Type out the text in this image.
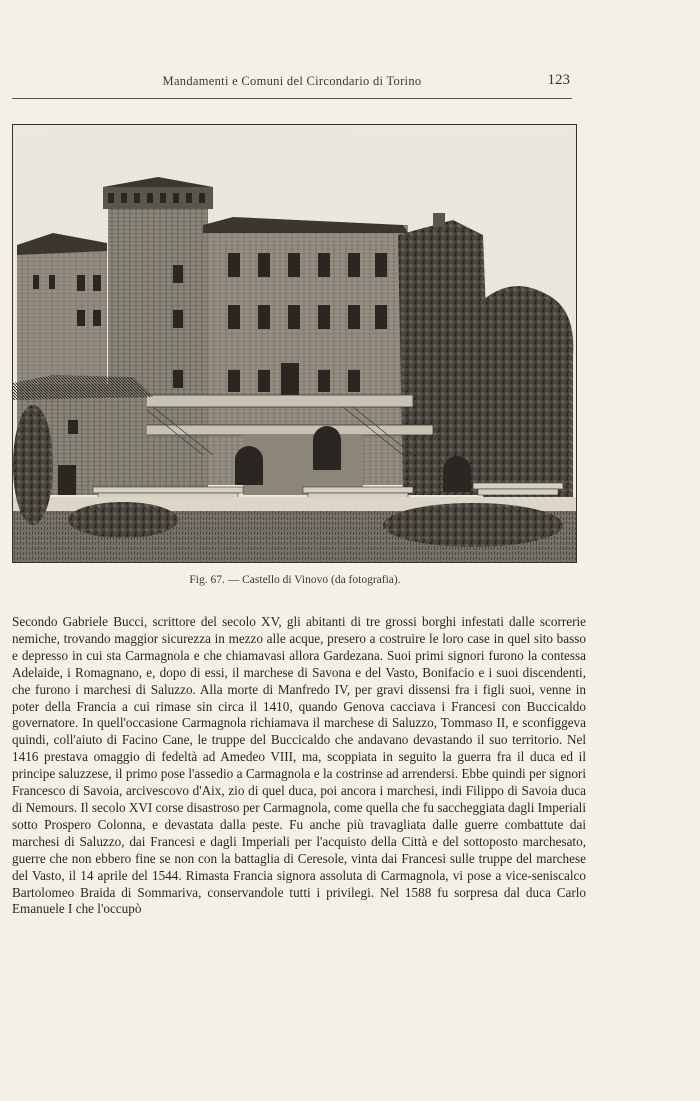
Mandamenti e Comuni del Circondario di Torino	123
Fig. 67. — Castello di Vinovo (da fotografia).

Secondo Gabriele Bucci, scrittore del secolo XV, gli abitanti di tre grossi borghi infestati dalle scorrerie nemiche, trovando maggior sicurezza in mezzo alle acque, presero a costruire le loro case in quel sito basso e depresso in cui sta Carmagnola e che chiamavasi allora Gardezana. Suoi primi signori furono la contessa Adelaide, i Romagnano, e, dopo di essi, il marchese di Savona e del Vasto, Bonifacio e i suoi discendenti, che furono i marchesi di Saluzzo. Alla morte di Manfredo IV, per gravi dissensi fra i figli suoi, venne in poter della Francia a cui rimase sin circa il 1410, quando Genova cacciava i Francesi con Buccicaldo governatore. In quell'occasione Carmagnola richiamava il marchese di Saluzzo, Tommaso II, e sconfiggeva quindi, coll'aiuto di Facino Cane, le truppe del Buccicaldo che andavano devastando il suo territorio. Nel 1416 prestava omaggio di fedeltà ad Amedeo VIII, ma, scoppiata in seguito la guerra fra il duca ed il principe saluzzese, il primo pose l'assedio a Carmagnola e la costrinse ad arrendersi. Ebbe quindi per signori Francesco di Savoia, arcivescovo d'Aix, zio di quel duca, poi ancora i marchesi, indi Filippo di Savoia duca di Nemours. Il secolo XVI corse disastroso per Carmagnola, come quella che fu saccheggiata dagli Imperiali sotto Prospero Colonna, e devastata dalla peste. Fu anche più travagliata dalle guerre combattute dai marchesi di Saluzzo, dai Francesi e dagli Imperiali per l'acquisto della Città e del sottoposto marchesato, guerre che non ebbero fine se non con la battaglia di Ceresole, vinta dai Francesi sulle truppe del marchese del Vasto, il 14 aprile del 1544. Rimasta Francia signora assoluta di Carmagnola, vi pose a vice-seniscalco Bartolomeo Braida di Sommariva, conservandole tutti i privilegi. Nel 1588 fu sorpresa dal duca Carlo Emanuele I che l'occupò
